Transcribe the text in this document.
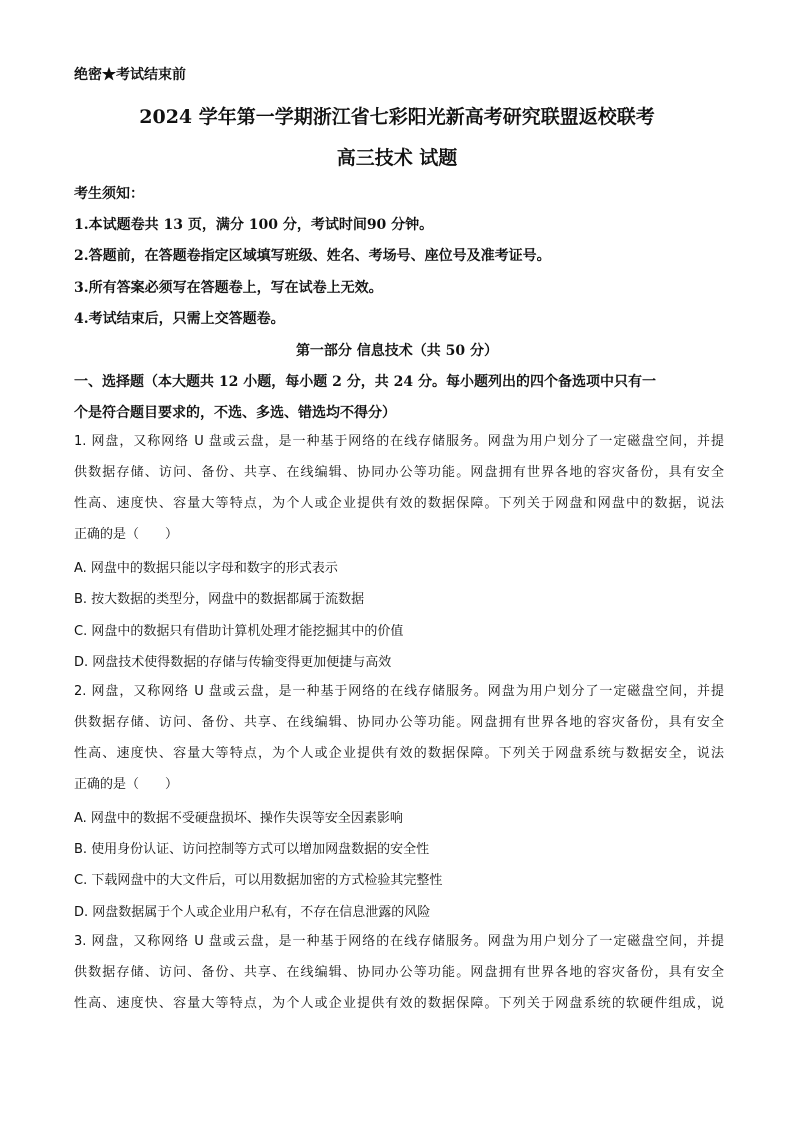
绝密★考试结束前
2024 学年第一学期浙江省七彩阳光新高考研究联盟返校联考
高三技术 试题
考生须知：
1.本试题卷共 13 页，满分 100 分，考试时间90 分钟。
2.答题前，在答题卷指定区域填写班级、姓名、考场号、座位号及准考证号。
3.所有答案必须写在答题卷上，写在试卷上无效。
4.考试结束后，只需上交答题卷。
第一部分 信息技术（共 50 分）
一、选择题（本大题共 12 小题，每小题 2 分，共 24 分。每小题列出的四个备选项中只有一
个是符合题目要求的，不选、多选、错选均不得分）
1. 网盘，又称网络 U 盘或云盘，是一种基于网络的在线存储服务。网盘为用户划分了一定磁盘空间，并提
供数据存储、访问、备份、共享、在线编辑、协同办公等功能。网盘拥有世界各地的容灾备份，具有安全
性高、速度快、容量大等特点，为个人或企业提供有效的数据保障。下列关于网盘和网盘中的数据，说法
正确的是（　　）
A. 网盘中的数据只能以字母和数字的形式表示
B. 按大数据的类型分，网盘中的数据都属于流数据
C. 网盘中的数据只有借助计算机处理才能挖掘其中的价值
D. 网盘技术使得数据的存储与传输变得更加便捷与高效
2. 网盘，又称网络 U 盘或云盘，是一种基于网络的在线存储服务。网盘为用户划分了一定磁盘空间，并提
供数据存储、访问、备份、共享、在线编辑、协同办公等功能。网盘拥有世界各地的容灾备份，具有安全
性高、速度快、容量大等特点，为个人或企业提供有效的数据保障。下列关于网盘系统与数据安全，说法
正确的是（　　）
A. 网盘中的数据不受硬盘损坏、操作失误等安全因素影响
B. 使用身份认证、访问控制等方式可以增加网盘数据的安全性
C. 下载网盘中的大文件后，可以用数据加密的方式检验其完整性
D. 网盘数据属于个人或企业用户私有，不存在信息泄露的风险
3. 网盘，又称网络 U 盘或云盘，是一种基于网络的在线存储服务。网盘为用户划分了一定磁盘空间，并提
供数据存储、访问、备份、共享、在线编辑、协同办公等功能。网盘拥有世界各地的容灾备份，具有安全
性高、速度快、容量大等特点，为个人或企业提供有效的数据保障。下列关于网盘系统的软硬件组成，说
